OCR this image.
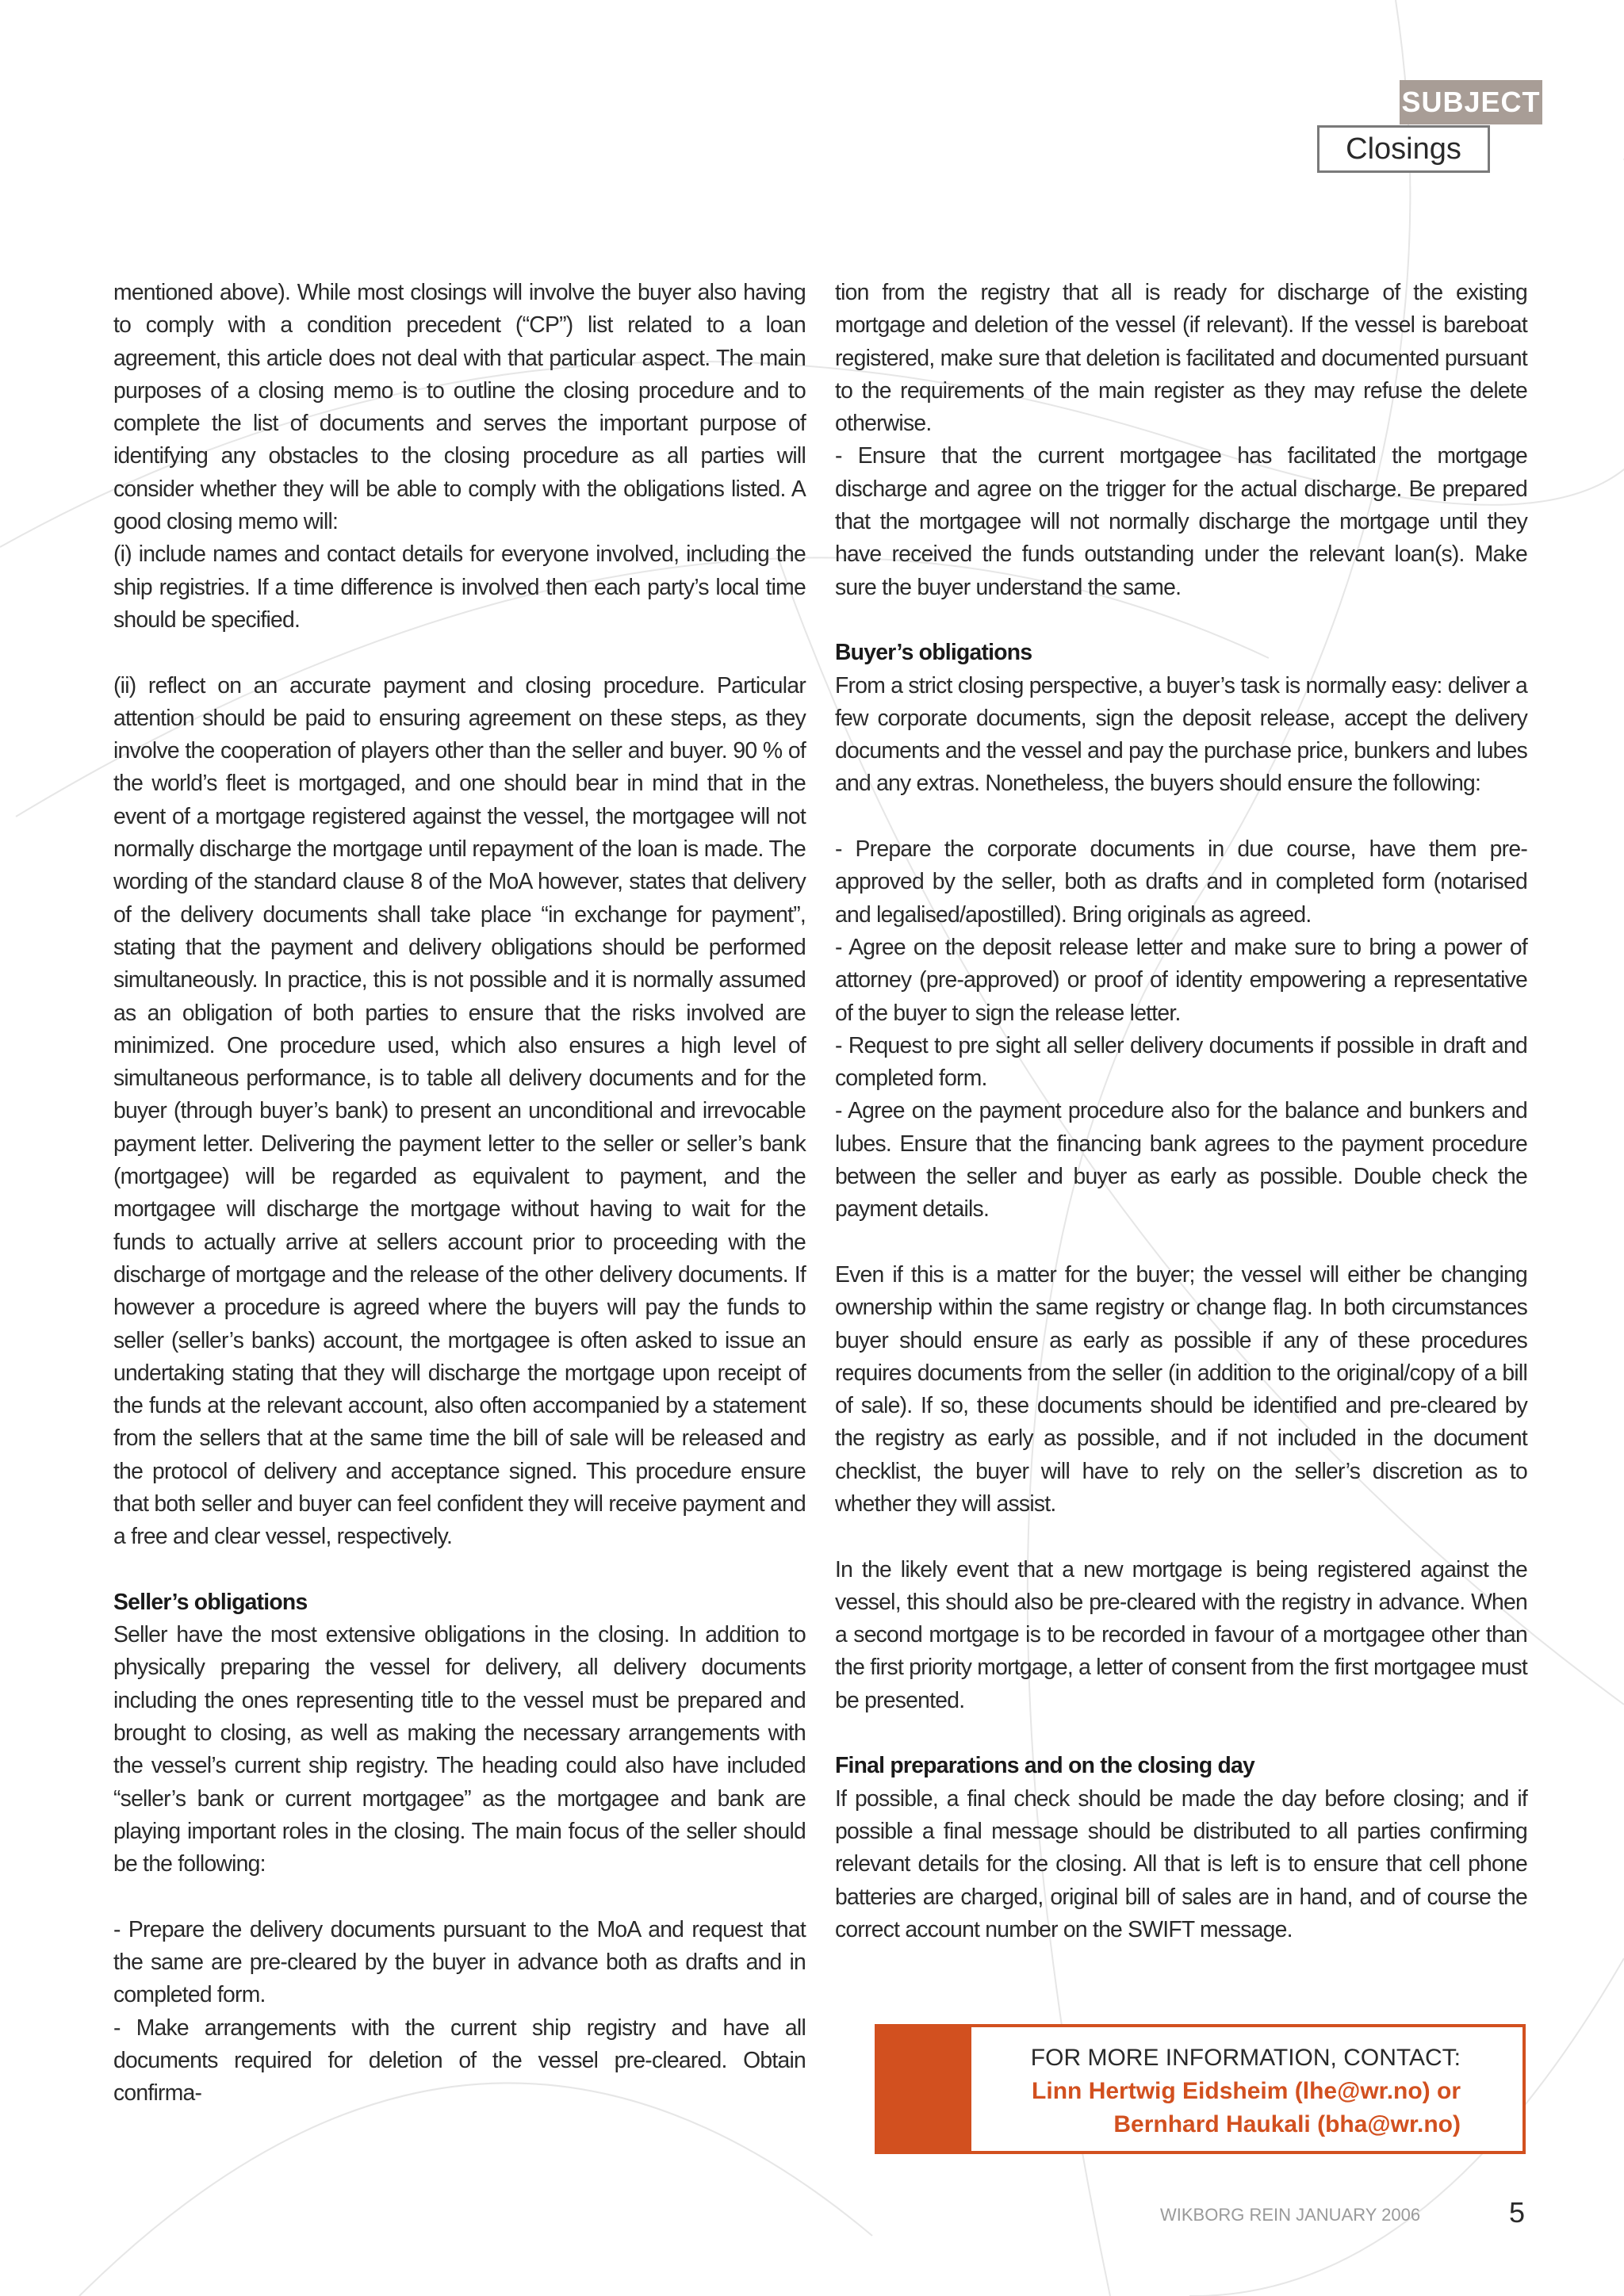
SUBJECT
Closings

mentioned above). While most closings will involve the buyer also having to comply with a condition precedent (“CP”) list related to a loan agreement, this article does not deal with that particular aspect. The main purposes of a closing memo is to outline the closing procedure and to complete the list of documents and serves the important purpose of identifying any obstacles to the closing procedure as all parties will consider whether they will be able to comply with the obligations listed. A good closing memo will:

(i) include names and contact details for everyone involved, including the ship registries. If a time difference is involved then each party’s local time should be specified.

(ii) reflect on an accurate payment and closing procedure. Particular attention should be paid to ensuring agreement on these steps, as they involve the cooperation of players other than the seller and buyer. 90 % of the world’s fleet is mortgaged, and one should bear in mind that in the event of a mortgage registered against the vessel, the mortgagee will not normally discharge the mortgage until repayment of the loan is made. The wording of the standard clause 8 of the MoA however, states that delivery of the delivery documents shall take place “in exchange for payment”, stating that the payment and delivery obligations should be performed simultaneously. In practice, this is not possible and it is normally assumed as an obligation of both parties to ensure that the risks involved are minimized. One procedure used, which also ensures a high level of simultaneous performance, is to table all delivery documents and for the buyer (through buyer’s bank) to present an unconditional and irrevocable payment letter. Delivering the payment letter to the seller or seller’s bank (mortgagee) will be regarded as equivalent to payment, and the mortgagee will discharge the mortgage without having to wait for the funds to actually arrive at sellers account prior to proceeding with the discharge of mortgage and the release of the other delivery documents. If however a procedure is agreed where the buyers will pay the funds to seller (seller’s banks) account, the mortgagee is often asked to issue an undertaking stating that they will discharge the mortgage upon receipt of the funds at the relevant account, also often accompanied by a statement from the sellers that at the same time the bill of sale will be released and the protocol of delivery and acceptance signed. This procedure ensure that both seller and buyer can feel confident they will receive payment and a free and clear vessel, respectively.

Seller’s obligations

Seller have the most extensive obligations in the closing. In addition to physically preparing the vessel for delivery, all delivery documents including the ones representing title to the vessel must be prepared and brought to closing, as well as making the necessary arrangements with the vessel’s current ship registry. The heading could also have included “seller’s bank or current mortgagee” as the mortgagee and bank are playing important roles in the closing. The main focus of the seller should be the following:

- Prepare the delivery documents pursuant to the MoA and request that the same are pre-cleared by the buyer in advance both as drafts and in completed form.

- Make arrangements with the current ship registry and have all documents required for deletion of the vessel pre-cleared. Obtain confirma-

tion from the registry that all is ready for discharge of the existing mortgage and deletion of the vessel (if relevant). If the vessel is bareboat registered, make sure that deletion is facilitated and documented pursuant to the requirements of the main register as they may refuse the delete otherwise.

- Ensure that the current mortgagee has facilitated the mortgage discharge and agree on the trigger for the actual discharge. Be prepared that the mortgagee will not normally discharge the mortgage until they have received the funds outstanding under the relevant loan(s). Make sure the buyer understand the same.

Buyer’s obligations

From a strict closing perspective, a buyer’s task is normally easy: deliver a few corporate documents, sign the deposit release, accept the delivery documents and the vessel and pay the purchase price, bunkers and lubes and any extras. Nonetheless, the buyers should ensure the following:

- Prepare the corporate documents in due course, have them pre-approved by the seller, both as drafts and in completed form (notarised and legalised/apostilled). Bring originals as agreed.

- Agree on the deposit release letter and make sure to bring a power of attorney (pre-approved) or proof of identity empowering a representative of the buyer to sign the release letter.

- Request to pre sight all seller delivery documents if possible in draft and completed form.

- Agree on the payment procedure also for the balance and bunkers and lubes. Ensure that the financing bank agrees to the payment procedure between the seller and buyer as early as possible. Double check the payment details.

Even if this is a matter for the buyer; the vessel will either be changing ownership within the same registry or change flag. In both circumstances buyer should ensure as early as possible if any of these procedures requires documents from the seller (in addition to the original/copy of a bill of sale). If so, these documents should be identified and pre-cleared by the registry as early as possible, and if not included in the document checklist, the buyer will have to rely on the seller’s discretion as to whether they will assist.

In the likely event that a new mortgage is being registered against the vessel, this should also be pre-cleared with the registry in advance. When a second mortgage is to be recorded in favour of a mortgagee other than the first priority mortgage, a letter of consent from the first mortgagee must be presented.

Final preparations and on the closing day

If possible, a final check should be made the day before closing; and if possible a final message should be distributed to all parties confirming relevant details for the closing. All that is left is to ensure that cell phone batteries are charged, original bill of sales are in hand, and of course the correct account number on the SWIFT message.

FOR MORE INFORMATION, CONTACT:
Linn Hertwig Eidsheim (lhe@wr.no) or
Bernhard Haukali (bha@wr.no)
WIKBORG REIN JANUARY 2006	5
